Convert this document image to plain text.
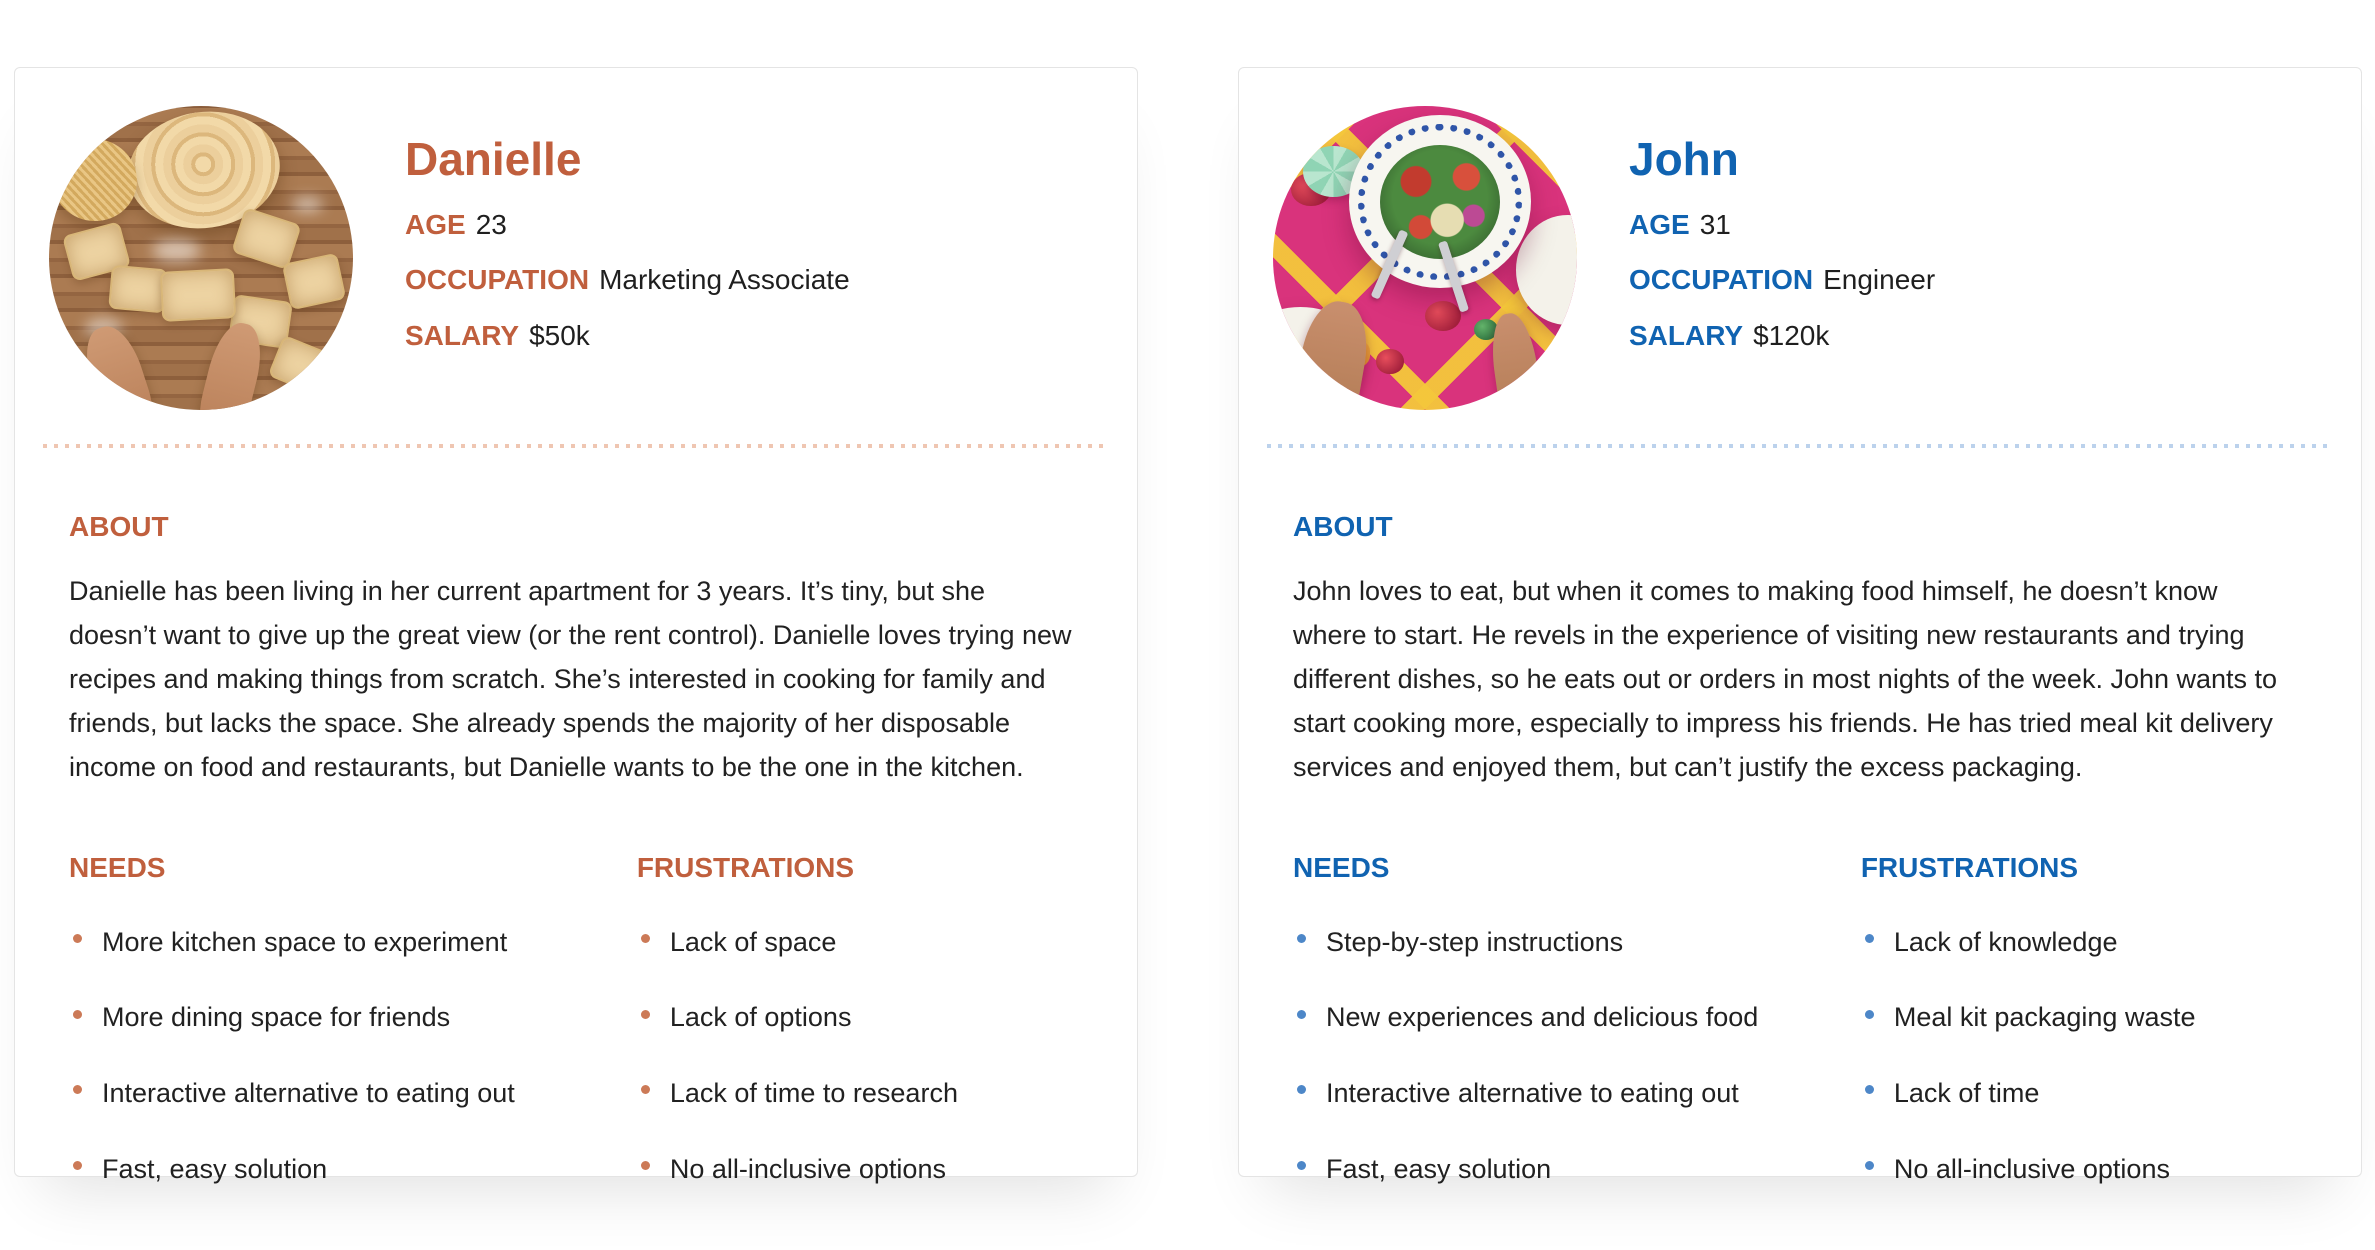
Danielle
AGE 23
OCCUPATION Marketing Associate
SALARY $50k
ABOUT
Danielle has been living in her current apartment for 3 years. It’s tiny, but she doesn’t want to give up the great view (or the rent control). Danielle loves trying new recipes and making things from scratch. She’s interested in cooking for family and friends, but lacks the space. She already spends the majority of her disposable income on food and restaurants, but Danielle wants to be the one in the kitchen.
NEEDS
More kitchen space to experiment
More dining space for friends
Interactive alternative to eating out
Fast, easy solution
FRUSTRATIONS
Lack of space
Lack of options
Lack of time to research
No all-inclusive options
John
AGE 31
OCCUPATION Engineer
SALARY $120k
ABOUT
John loves to eat, but when it comes to making food himself, he doesn’t know where to start. He revels in the experience of visiting new restaurants and trying different dishes, so he eats out or orders in most nights of the week. John wants to start cooking more, especially to impress his friends. He has tried meal kit delivery services and enjoyed them, but can’t justify the excess packaging.
NEEDS
Step-by-step instructions
New experiences and delicious food
Interactive alternative to eating out
Fast, easy solution
FRUSTRATIONS
Lack of knowledge
Meal kit packaging waste
Lack of time
No all-inclusive options
